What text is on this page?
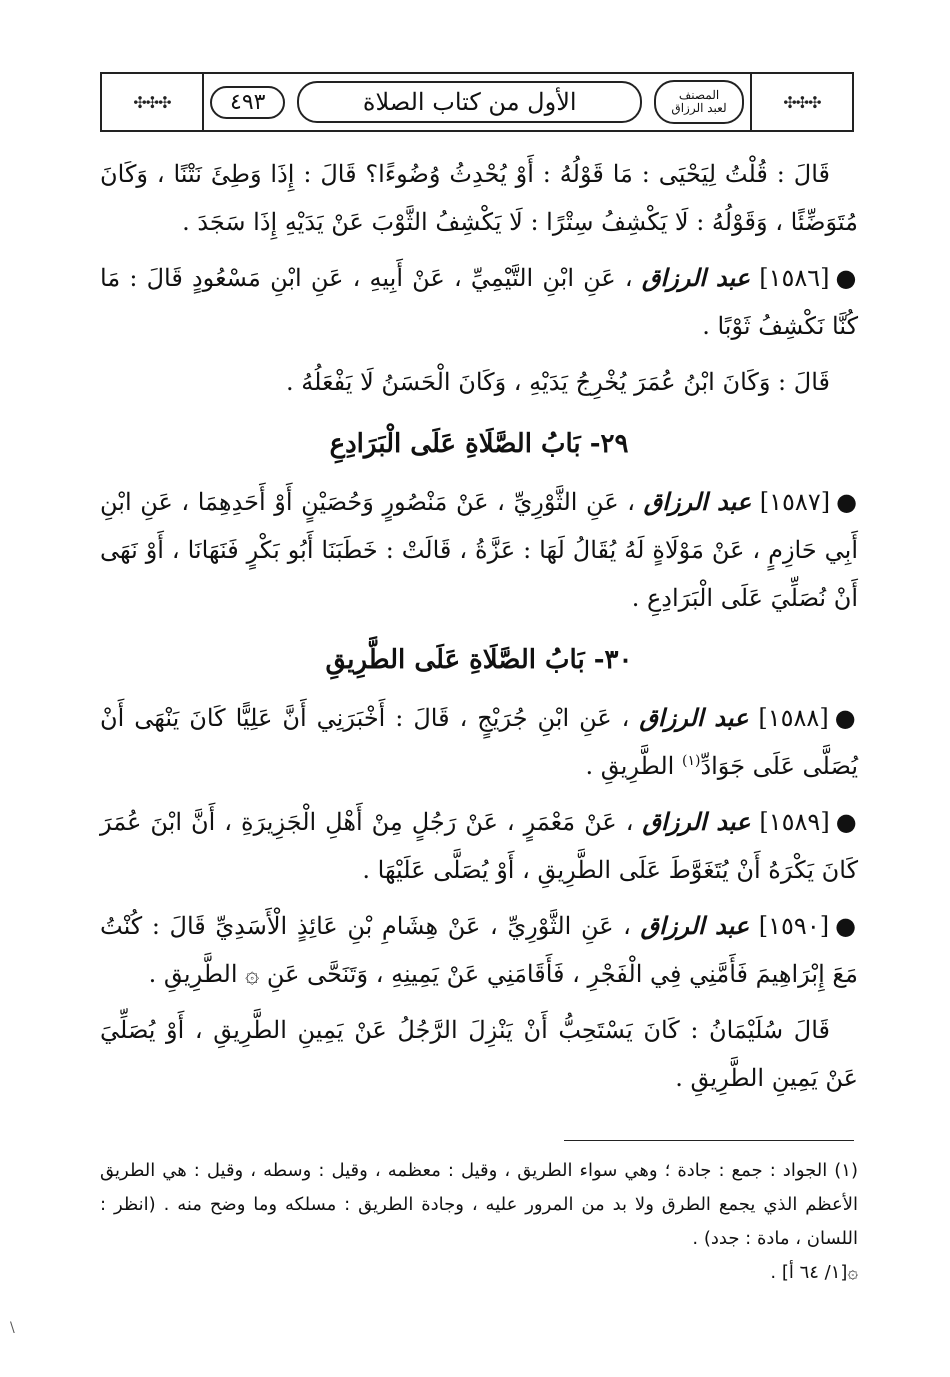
✣✣✣	٤٩٣	الأول من كتاب الصلاة	المصنف
لعبد الرزاق	✣✣✣

قَالَ : قُلْتُ لِيَحْيَى : مَا قَوْلُهُ : أَوْ يُحْدِثُ وُضُوءًا؟ قَالَ : إِذَا وَطِئَ نَتْنًا ، وَكَانَ مُتَوَضِّئًا ، وَقَوْلُهُ : لَا يَكْشِفُ سِتْرًا : لَا يَكْشِفُ الثَّوْبَ عَنْ يَدَيْهِ إِذَا سَجَدَ .

●[١٥٨٦] عبد الرزاق ، عَنِ ابْنِ التَّيْمِيِّ ، عَنْ أَبِيهِ ، عَنِ ابْنِ مَسْعُودٍ قَالَ : مَا كُنَّا نَكْشِفُ ثَوْبًا .

قَالَ : وَكَانَ ابْنُ عُمَرَ يُخْرِجُ يَدَيْهِ ، وَكَانَ الْحَسَنُ لَا يَفْعَلُهُ .

٢٩- بَابُ الصَّلَاةِ عَلَى الْبَرَادِعِ

●[١٥٨٧] عبد الرزاق ، عَنِ الثَّوْرِيِّ ، عَنْ مَنْصُورٍ وَحُصَيْنٍ أَوْ أَحَدِهِمَا ، عَنِ ابْنِ أَبِي حَازِمٍ ، عَنْ مَوْلَاةٍ لَهُ يُقَالُ لَهَا : عَزَّةُ ، قَالَتْ : خَطَبَنَا أَبُو بَكْرٍ فَنَهَانَا ، أَوْ نَهَى أَنْ نُصَلِّيَ عَلَى الْبَرَادِعِ .

٣٠- بَابُ الصَّلَاةِ عَلَى الطَّرِيقِ

●[١٥٨٨] عبد الرزاق ، عَنِ ابْنِ جُرَيْجٍ ، قَالَ : أَخْبَرَنِي أَنَّ عَلِيًّا كَانَ يَنْهَى أَنْ يُصَلَّى عَلَى جَوَادِّ$^{(١)}$ الطَّرِيقِ .

●[١٥٨٩] عبد الرزاق ، عَنْ مَعْمَرٍ ، عَنْ رَجُلٍ مِنْ أَهْلِ الْجَزِيرَةِ ، أَنَّ ابْنَ عُمَرَ كَانَ يَكْرَهُ أَنْ يُتَغَوَّطَ عَلَى الطَّرِيقِ ، أَوْ يُصَلَّى عَلَيْهَا .

●[١٥٩٠] عبد الرزاق ، عَنِ الثَّوْرِيِّ ، عَنْ هِشَامِ بْنِ عَائِذٍ الْأَسَدِيِّ قَالَ : كُنْتُ مَعَ إِبْرَاهِيمَ فَأَمَّنِي فِي الْفَجْرِ ، فَأَقَامَنِي عَنْ يَمِينِهِ ، وَتَنَحَّى عَنِ ۞ الطَّرِيقِ .

قَالَ سُلَيْمَانُ : كَانَ يَسْتَحِبُّ أَنْ يَنْزِلَ الرَّجُلُ عَنْ يَمِينِ الطَّرِيقِ ، أَوْ يُصَلِّيَ عَنْ يَمِينِ الطَّرِيقِ .

(١) الجواد : جمع : جادة ؛ وهي سواء الطريق ، وقيل : معظمه ، وقيل : وسطه ، وقيل : هي الطريق الأعظم الذي يجمع الطرق ولا بد من المرور عليه ، وجادة الطريق : مسلكه وما وضح منه . (انظر : اللسان ، مادة : جدد) .

۞[١/ ٦٤ أ] .

\
